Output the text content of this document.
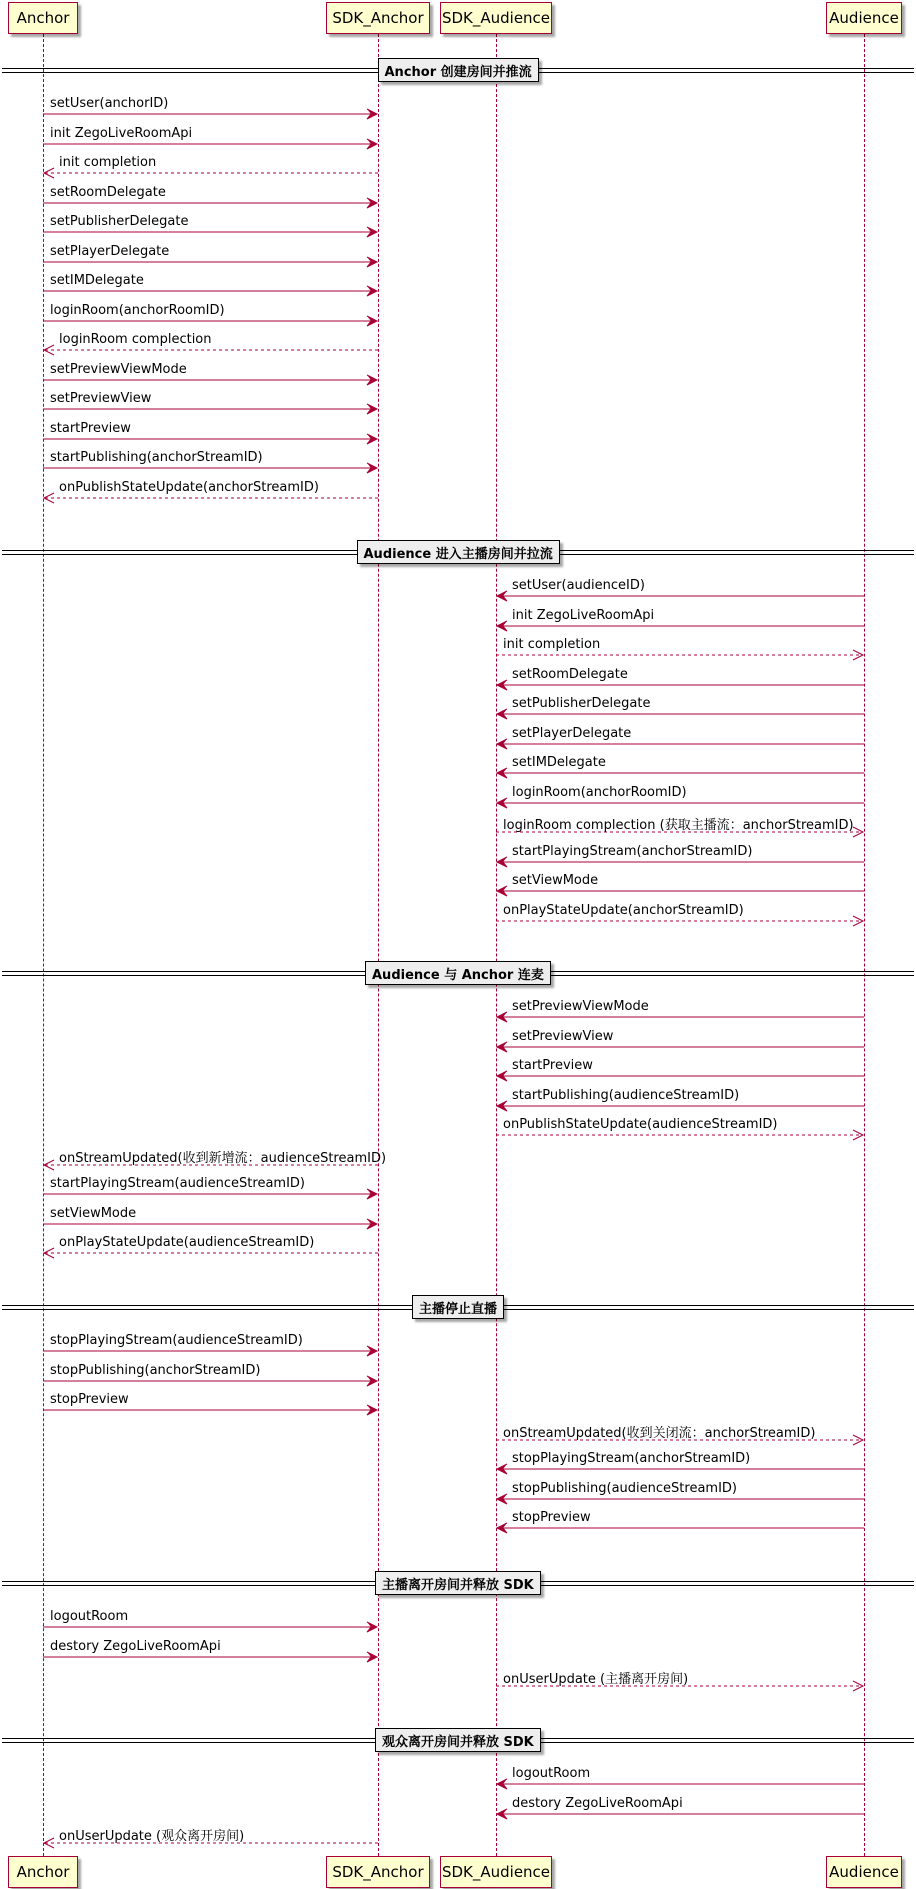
Anchor
Anchor
SDK_Anchor
SDK_Anchor
SDK_Audience
SDK_Audience
Audience
Audience
Anchor 创建房间并推流
setUser(anchorID)
init ZegoLiveRoomApi
init completion
setRoomDelegate
setPublisherDelegate
setPlayerDelegate
setIMDelegate
loginRoom(anchorRoomID)
loginRoom complection
setPreviewViewMode
setPreviewView
startPreview
startPublishing(anchorStreamID)
onPublishStateUpdate(anchorStreamID)
Audience 进入主播房间并拉流
setUser(audienceID)
init ZegoLiveRoomApi
init completion
setRoomDelegate
setPublisherDelegate
setPlayerDelegate
setIMDelegate
loginRoom(anchorRoomID)
loginRoom complection (获取主播流：anchorStreamID)
startPlayingStream(anchorStreamID)
setViewMode
onPlayStateUpdate(anchorStreamID)
Audience 与 Anchor 连麦
setPreviewViewMode
setPreviewView
startPreview
startPublishing(audienceStreamID)
onPublishStateUpdate(audienceStreamID)
onStreamUpdated(收到新增流：audienceStreamID)
startPlayingStream(audienceStreamID)
setViewMode
onPlayStateUpdate(audienceStreamID)
主播停止直播
stopPlayingStream(audienceStreamID)
stopPublishing(anchorStreamID)
stopPreview
onStreamUpdated(收到关闭流：anchorStreamID)
stopPlayingStream(anchorStreamID)
stopPublishing(audienceStreamID)
stopPreview
主播离开房间并释放 SDK
logoutRoom
destory ZegoLiveRoomApi
onUserUpdate (主播离开房间)
观众离开房间并释放 SDK
logoutRoom
destory ZegoLiveRoomApi
onUserUpdate (观众离开房间)
